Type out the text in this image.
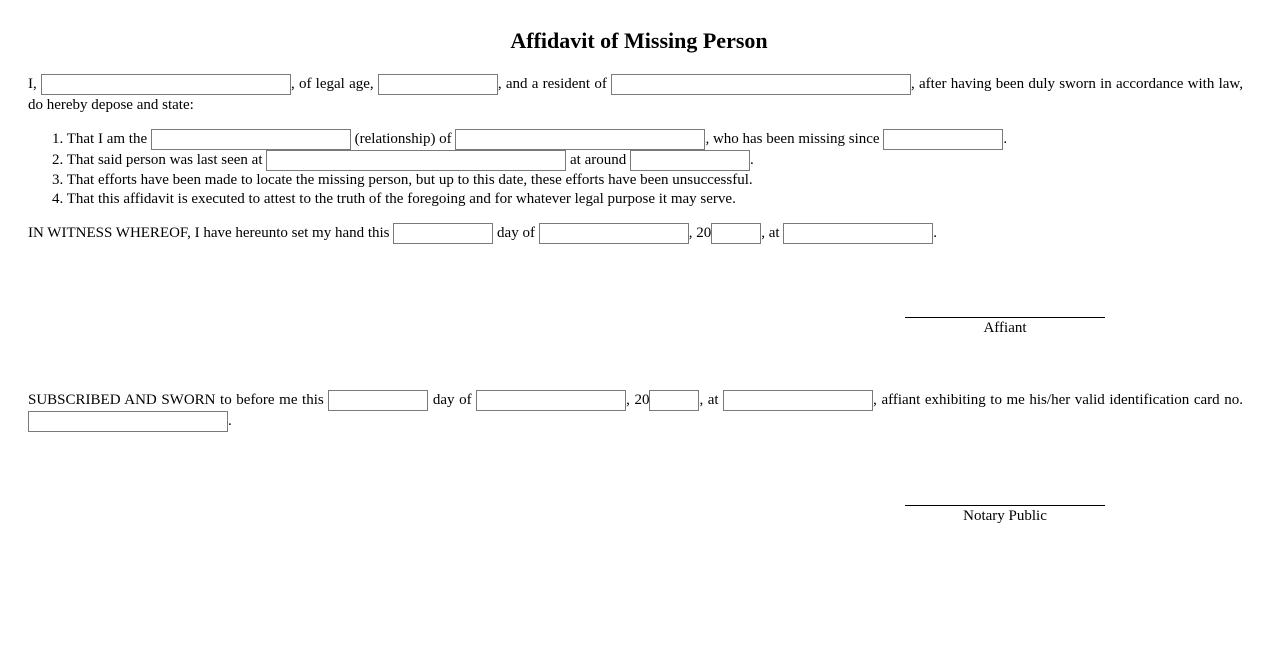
Affidavit of Missing Person
I,	, of legal age,	, and a resident of	, after having been duly sworn in accordance with law, do hereby depose and state:
1. That I am the	(relationship) of	, who has been missing since	.
2. That said person was last seen at	at around	.
3. That efforts have been made to locate the missing person, but up to this date, these efforts have been unsuccessful.
4. That this affidavit is executed to attest to the truth of the foregoing and for whatever legal purpose it may serve.
IN WITNESS WHEREOF, I have hereunto set my hand this	day of	, 20	, at	.
Affiant
SUBSCRIBED AND SWORN to before me this	day of	, 20	, at	, affiant exhibiting to me his/her valid identification card no. .
Notary Public
